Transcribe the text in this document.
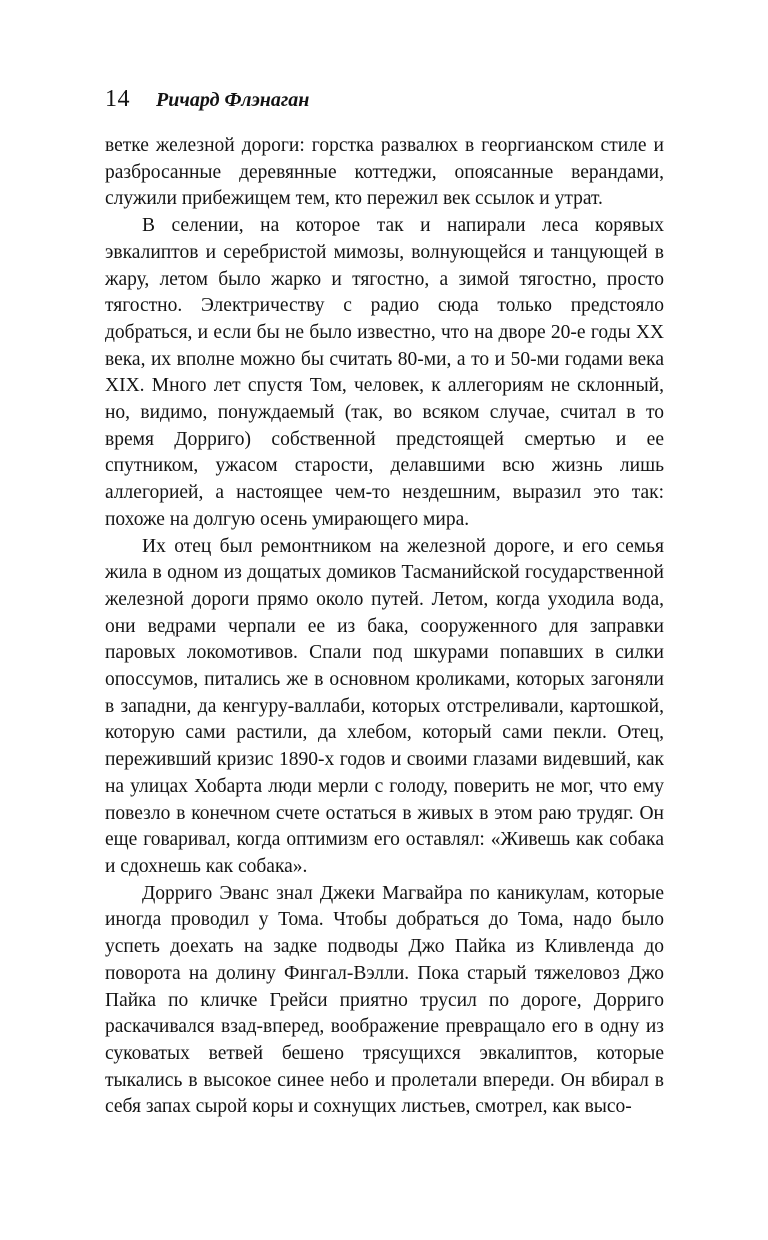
14 Ричард Флэнаган

ветке железной дороги: горстка развалюх в георгианском стиле и разбросанные деревянные коттеджи, опоясанные верандами, служили прибежищем тем, кто пережил век ссылок и утрат.

В селении, на которое так и напирали леса корявых эвкалиптов и серебристой мимозы, волнующейся и танцующей в жару, летом было жарко и тягостно, а зимой тягостно, просто тягостно. Электричеству с радио сюда только предстояло добраться, и если бы не было известно, что на дворе 20-е годы XX века, их вполне можно бы считать 80-ми, а то и 50-ми годами века XIX. Много лет спустя Том, человек, к аллегориям не склонный, но, видимо, понуждаемый (так, во всяком случае, считал в то время Дорриго) собственной предстоящей смертью и ее спутником, ужасом старости, делавшими всю жизнь лишь аллегорией, а настоящее чем-то нездешним, выразил это так: похоже на долгую осень умирающего мира.

Их отец был ремонтником на железной дороге, и его семья жила в одном из дощатых домиков Тасманийской государственной железной дороги прямо около путей. Летом, когда уходила вода, они ведрами черпали ее из бака, сооруженного для заправки паровых локомотивов. Спали под шкурами попавших в силки опоссумов, питались же в основном кроликами, которых загоняли в западни, да кенгуру-валлаби, которых отстреливали, картошкой, которую сами растили, да хлебом, который сами пекли. Отец, переживший кризис 1890-х годов и своими глазами видевший, как на улицах Хобарта люди мерли с голоду, поверить не мог, что ему повезло в конечном счете остаться в живых в этом раю трудяг. Он еще говаривал, когда оптимизм его оставлял: «Живешь как собака и сдохнешь как собака».

Дорриго Эванс знал Джеки Магвайра по каникулам, которые иногда проводил у Тома. Чтобы добраться до Тома, надо было успеть доехать на задке подводы Джо Пайка из Кливленда до поворота на долину Фингал-Вэлли. Пока старый тяжеловоз Джо Пайка по кличке Грейси приятно трусил по дороге, Дорриго раскачивался взад-вперед, воображение превращало его в одну из суковатых ветвей бешено трясущихся эвкалиптов, которые тыкались в высокое синее небо и пролетали впереди. Он вбирал в себя запах сырой коры и сохнущих листьев, смотрел, как высо-
